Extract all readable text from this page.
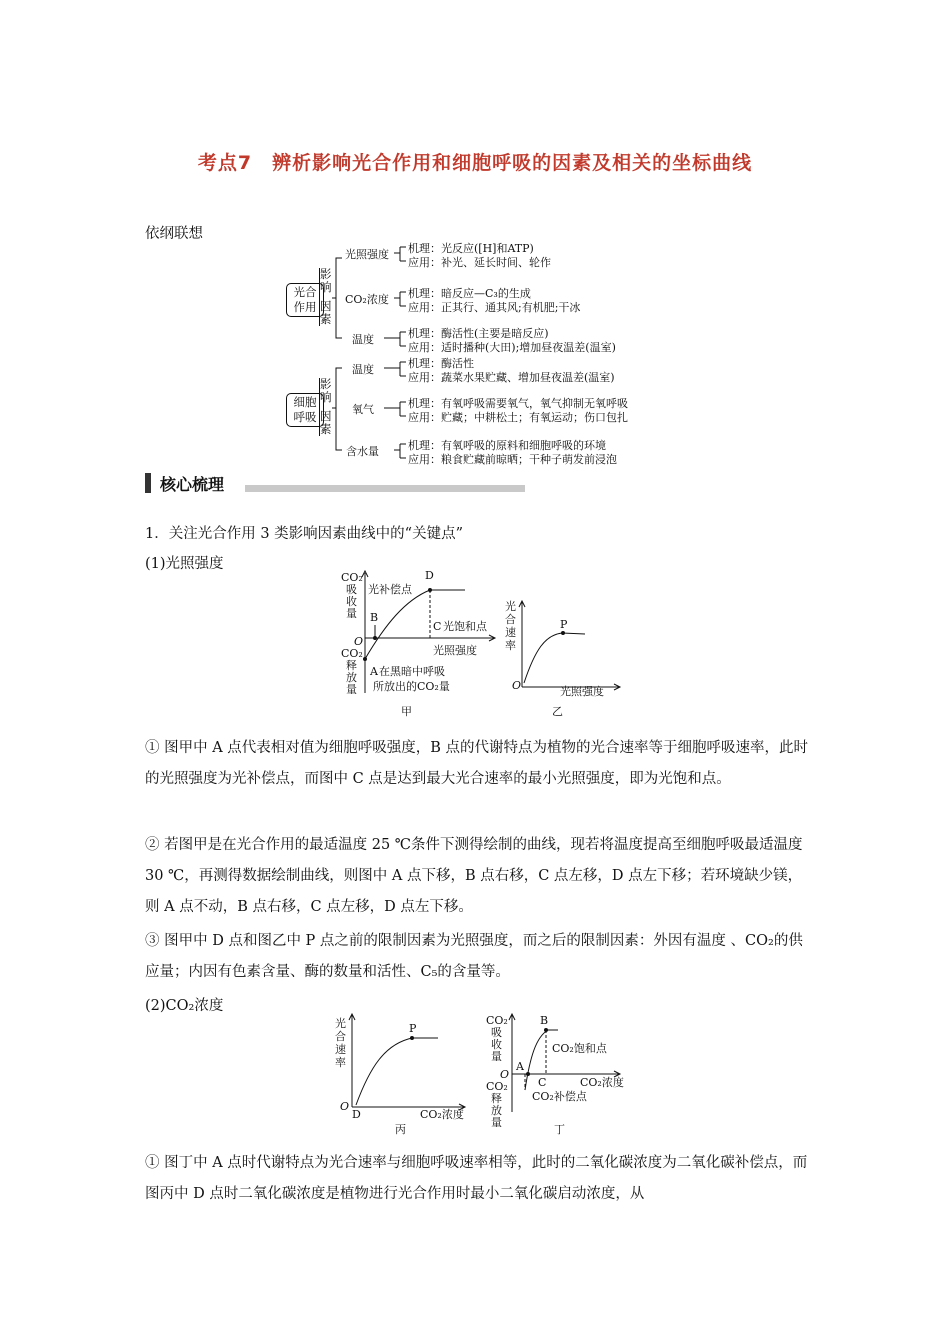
考点7　辨析影响光合作用和细胞呼吸的因素及相关的坐标曲线
依纲联想
光合
作用
影
响
因
素
光照强度 机理：光反应([H]和ATP)
应用：补光、延长时间、轮作
CO₂浓度 机理：暗反应—C₃的生成
应用：正其行、通其风;有机肥;干冰
温度	机理：酶活性(主要是暗反应)
应用：适时播种(大田);增加昼夜温差(温室)
细胞
呼吸
影
响
因
素
温度	机理：酶活性
应用：蔬菜水果贮藏、增加昼夜温差(温室)
氧气	机理：有氧呼吸需要氧气，氧气抑制无氧呼吸
应用：贮藏；中耕松土；有氧运动；伤口包扎
含水量	机理：有氧呼吸的原料和细胞呼吸的环境
应用：粮食贮藏前晾晒；干种子萌发前浸泡
核心梳理
1．关注光合作用 3 类影响因素曲线中的“关键点”
(1)光照强度
CO₂
吸
收
量
O
CO₂
释
放
量
D
光补偿点
B
C 光饱和点
光照强度
A 在黑暗中呼吸
所放出的CO₂量
甲
光
合
速
率
P
O	光照强度
乙
① 图甲中 A 点代表相对值为细胞呼吸强度，B 点的代谢特点为植物的光合速率等于细胞呼吸速率，此时的光照强度为光补偿点，而图中 C 点是达到最大光合速率的最小光照强度，即为光饱和点。
② 若图甲是在光合作用的最适温度 25 ℃条件下测得绘制的曲线，现若将温度提高至细胞呼吸最适温度 30 ℃，再测得数据绘制曲线，则图中 A 点下移，B 点右移，C 点左移，D 点左下移；若环境缺少镁，则 A 点不动，B 点右移，C 点左移，D 点左下移。
③ 图甲中 D 点和图乙中 P 点之前的限制因素为光照强度，而之后的限制因素：外因有温度 、CO₂的供应量；内因有色素含量、酶的数量和活性、C₅的含量等。
(2)CO₂浓度
光
合
速
率
P
O
D	CO₂浓度
丙
CO₂
吸
收
量
O
CO₂
释
放
量
B
CO₂饱和点
A
C	CO₂浓度
CO₂补偿点
丁
① 图丁中 A 点时代谢特点为光合速率与细胞呼吸速率相等，此时的二氧化碳浓度为二氧化碳补偿点，而图丙中 D 点时二氧化碳浓度是植物进行光合作用时最小二氧化碳启动浓度，从
